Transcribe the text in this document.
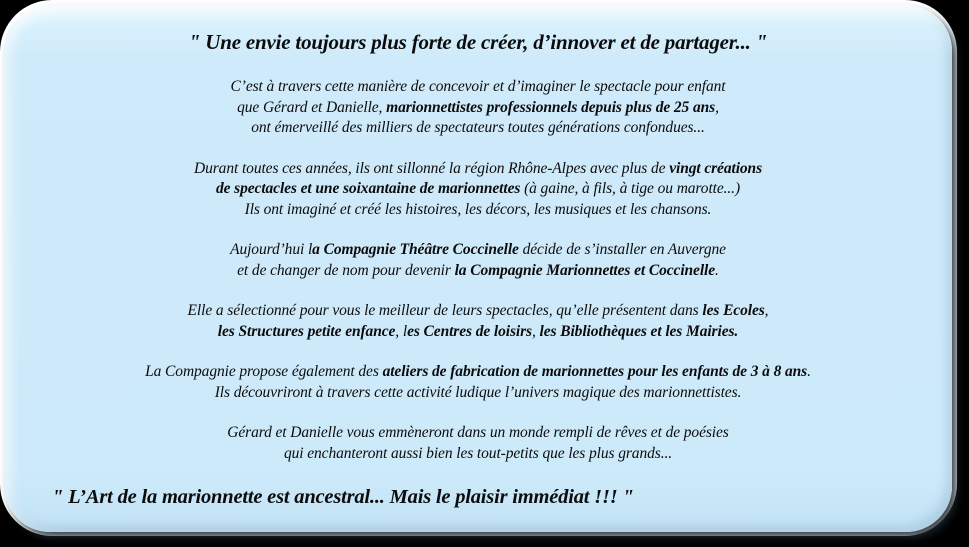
" Une envie toujours plus forte de créer, d’innover et de partager... "
C’est à travers cette manière de concevoir et d’imaginer le spectacle pour enfant
que Gérard et Danielle, marionnettistes professionnels depuis plus de 25 ans,
ont émerveillé des milliers de spectateurs toutes générations confondues...
Durant toutes ces années, ils ont sillonné la région Rhône-Alpes avec plus de vingt créations
de spectacles et une soixantaine de marionnettes (à gaine, à fils, à tige ou marotte...)
Ils ont imaginé et créé les histoires, les décors, les musiques et les chansons.
Aujourd’hui la Compagnie Théâtre Coccinelle décide de s’installer en Auvergne
et de changer de nom pour devenir la Compagnie Marionnettes et Coccinelle.
Elle a sélectionné pour vous le meilleur de leurs spectacles, qu’elle présentent dans les Ecoles,
les Structures petite enfance, les Centres de loisirs, les Bibliothèques et les Mairies.
La Compagnie propose également des ateliers de fabrication de marionnettes pour les enfants de 3 à 8 ans.
Ils découvriront à travers cette activité ludique l’univers magique des marionnettistes.
Gérard et Danielle vous emmèneront dans un monde rempli de rêves et de poésies
qui enchanteront aussi bien les tout-petits que les plus grands...
" L’Art de la marionnette est ancestral... Mais le plaisir immédiat !!! "
